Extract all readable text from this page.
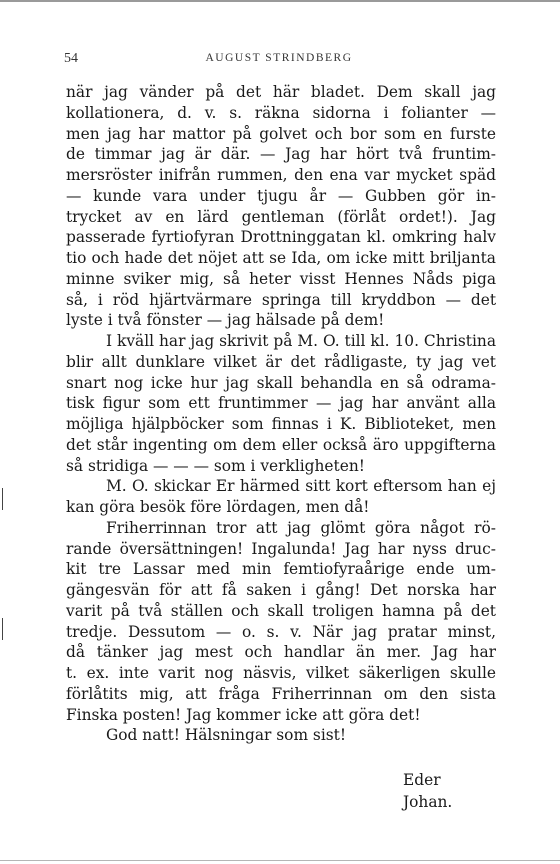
54	AUGUST STRINDBERG
när jag vänder på det här bladet. Dem skall jag
kollationera, d. v. s. räkna sidorna i folianter —
men jag har mattor på golvet och bor som en furste
de timmar jag är där. — Jag har hört två fruntim-
mersröster inifrån rummen, den ena var mycket späd
— kunde vara under tjugu år — Gubben gör in-
trycket av en lärd gentleman (förlåt ordet!). Jag
passerade fyrtiofyran Drottninggatan kl. omkring halv
tio och hade det nöjet att se Ida, om icke mitt briljanta
minne sviker mig, så heter visst Hennes Nåds piga
så, i röd hjärtvärmare springa till kryddbon — det
lyste i två fönster — jag hälsade på dem!
I kväll har jag skrivit på M. O. till kl. 10. Christina
blir allt dunklare vilket är det rådligaste, ty jag vet
snart nog icke hur jag skall behandla en så odrama-
tisk figur som ett fruntimmer — jag har använt alla
möjliga hjälpböcker som finnas i K. Biblioteket, men
det står ingenting om dem eller också äro uppgifterna
så stridiga — — — som i verkligheten!
M. O. skickar Er härmed sitt kort eftersom han ej
kan göra besök före lördagen, men då!
Friherrinnan tror att jag glömt göra något rö-
rande översättningen! Ingalunda! Jag har nyss druc-
kit tre Lassar med min femtiofyraårige ende um-
gängesvän för att få saken i gång! Det norska har
varit på två ställen och skall troligen hamna på det
tredje. Dessutom — o. s. v. När jag pratar minst,
då tänker jag mest och handlar än mer. Jag har
t. ex. inte varit nog näsvis, vilket säkerligen skulle
förlåtits mig, att fråga Friherrinnan om den sista
Finska posten! Jag kommer icke att göra det!
God natt! Hälsningar som sist!
Eder
Johan.
